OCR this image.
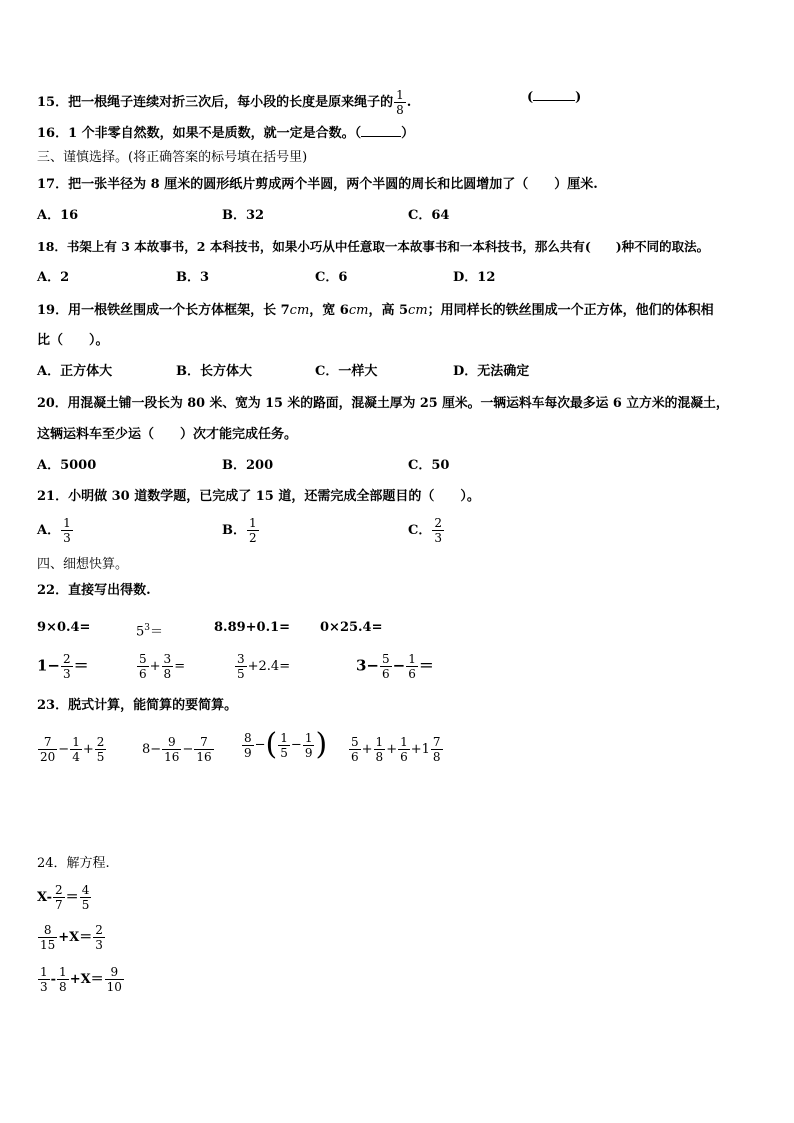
15．把一根绳子连续对折三次后，每小段的长度是原来绳子的 $\frac{1}{8}$ .	(	)
16．1 个非零自然数，如果不是质数，就一定是合数。（	）
三、谨慎选择。(将正确答案的标号填在括号里)
17．把一张半径为 8 厘米的圆形纸片剪成两个半圆，两个半圆的周长和比圆增加了（　　）厘米.
A．16	B．32	C．64
18．书架上有 3 本故事书，2 本科技书，如果小巧从中任意取一本故事书和一本科技书，那么共有(　　)种不同的取法。
A．2	B．3	C．6	D．12
19．用一根铁丝围成一个长方体框架，长 7cm，宽 6cm，高 5cm；用同样长的铁丝围成一个正方体，他们的体积相
比（　　）。
A．正方体大	B．长方体大	C．一样大	D．无法确定
20．用混凝土铺一段长为 80 米、宽为 15 米的路面，混凝土厚为 25 厘米。一辆运料车每次最多运 6 立方米的混凝土，
这辆运料车至少运（　　）次才能完成任务。
A．5000	B．200	C．50
21．小明做 30 道数学题，已完成了 15 道，还需完成全部题目的（　　）。
A． $\frac{1}{3}$	B． $\frac{1}{2}$	C． $\frac{2}{3}$
四、细想快算。
22．直接写出得数.
9×0.4=	$5^3=$	8.89+0.1= 0×25.4=
$1- \frac{2}{3}$ ＝	$\frac{5}{6} + \frac{3}{8}$ =	$\frac{3}{5} +2.4=$	$3- \frac{5}{6} - \frac{1}{6}$ ＝
23．脱式计算，能简算的要简算。
$\frac{7}{20} - \frac{1}{4} + \frac{2}{5}$	$8- \frac{9}{16} - \frac{7}{16} \frac{8}{9}$ −( $\frac{1}{5} - \frac{1}{9}$ ) $\frac{5}{6} + \frac{1}{8} + \frac{1}{6} +1 \frac{7}{8}$
24．解方程.
$X- \frac{2}{7} = \frac{4}{5}$
$\frac{8}{15} +X= \frac{2}{3}$
$\frac{1}{3} - \frac{1}{8} +X= \frac{9}{10}$
